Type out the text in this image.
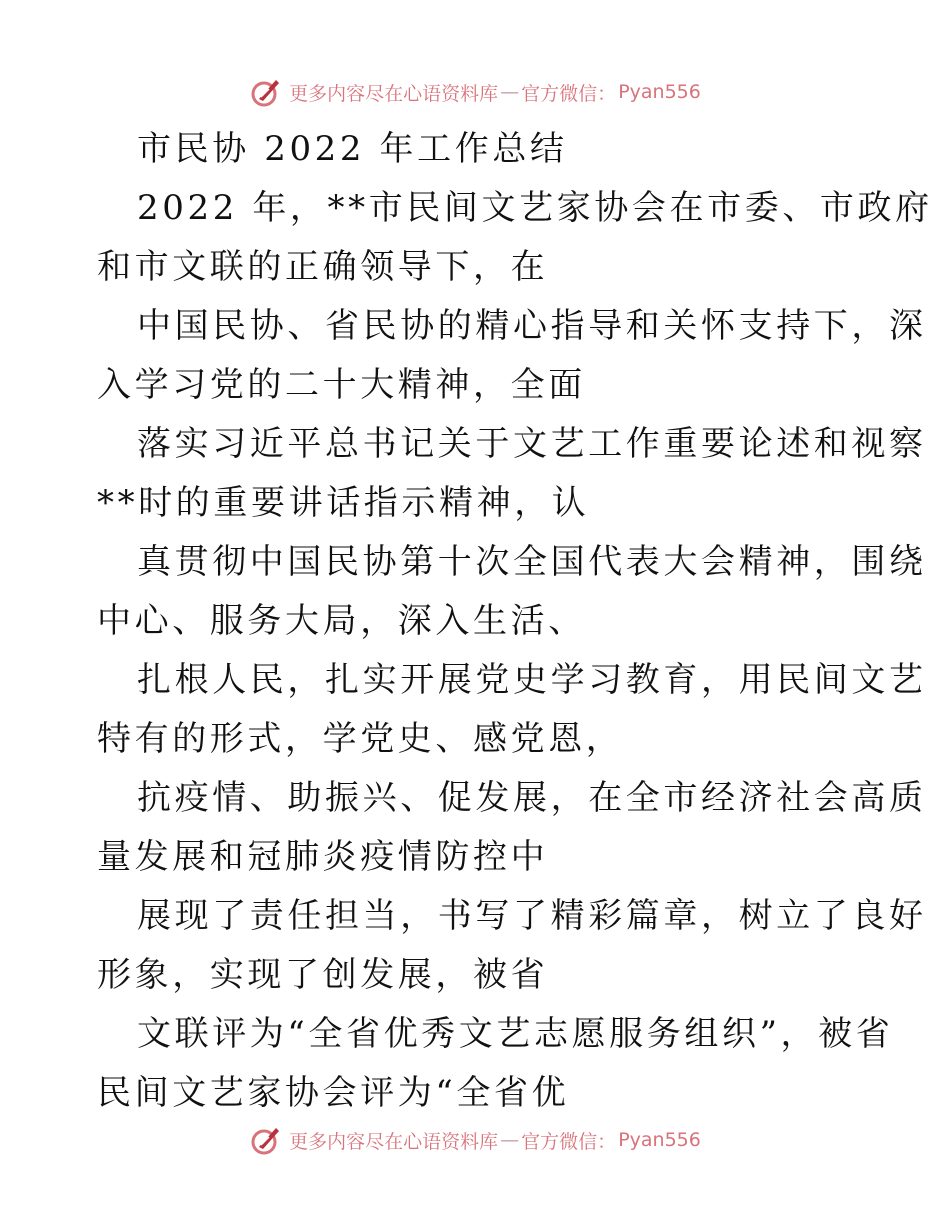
更多内容尽在心语资料库 — 官方微信： Pyan556
市民协 2022 年工作总结
2022 年，**市民间文艺家协会在市委、市政府
和市文联的正确领导下，在
中国民协、省民协的精心指导和关怀支持下，深
入学习党的二十大精神，全面
落实习近平总书记关于文艺工作重要论述和视察
**时的重要讲话指示精神，认
真贯彻中国民协第十次全国代表大会精神，围绕
中心、服务大局，深入生活、
扎根人民，扎实开展党史学习教育，用民间文艺
特有的形式，学党史、感党恩，
抗疫情、助振兴、促发展，在全市经济社会高质
量发展和冠肺炎疫情防控中
展现了责任担当，书写了精彩篇章，树立了良好
形象，实现了创发展，被省
文联评为“全省优秀文艺志愿服务组织”，被省
民间文艺家协会评为“全省优
更多内容尽在心语资料库 — 官方微信： Pyan556
